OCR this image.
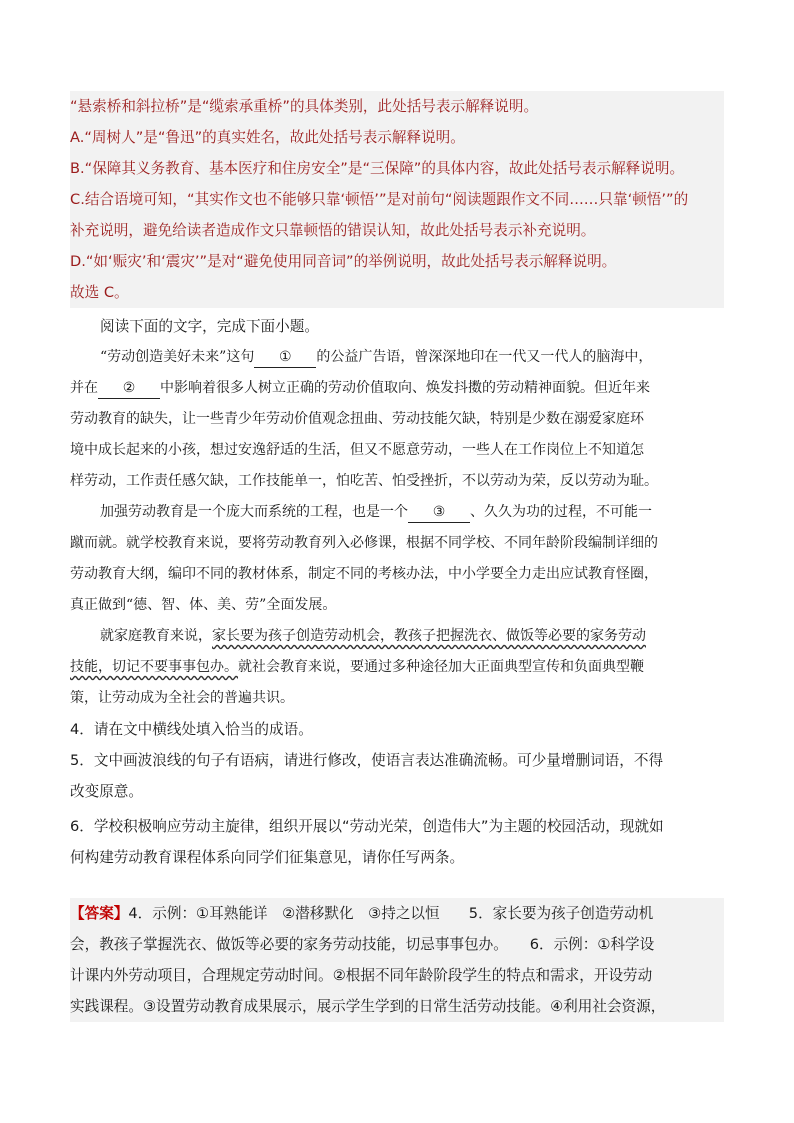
“悬索桥和斜拉桥”是“缆索承重桥”的具体类别，此处括号表示解释说明。
A.“周树人”是“鲁迅”的真实姓名，故此处括号表示解释说明。
B.“保障其义务教育、基本医疗和住房安全”是“三保障”的具体内容，故此处括号表示解释说明。
C.结合语境可知，“其实作文也不能够只靠‘顿悟’”是对前句“阅读题跟作文不同……只靠‘顿悟’”的
补充说明，避免给读者造成作文只靠顿悟的错误认知，故此处括号表示补充说明。
D.“如‘赈灾’和‘震灾’”是对“避免使用同音词”的举例说明，故此处括号表示解释说明。
故选 C。
阅读下面的文字，完成下面小题。
“劳动创造美好未来”这句 ① 的公益广告语，曾深深地印在一代又一代人的脑海中，
并在 ② 中影响着很多人树立正确的劳动价值取向、焕发抖擞的劳动精神面貌。但近年来
劳动教育的缺失，让一些青少年劳动价值观念扭曲、劳动技能欠缺，特别是少数在溺爱家庭环
境中成长起来的小孩，想过安逸舒适的生活，但又不愿意劳动，一些人在工作岗位上不知道怎
样劳动，工作责任感欠缺，工作技能单一，怕吃苦、怕受挫折，不以劳动为荣，反以劳动为耻。
加强劳动教育是一个庞大而系统的工程，也是一个 ③ 、久久为功的过程，不可能一
蹴而就。就学校教育来说，要将劳动教育列入必修课，根据不同学校、不同年龄阶段编制详细的
劳动教育大纲，编印不同的教材体系，制定不同的考核办法，中小学要全力走出应试教育怪圈，
真正做到“德、智、体、美、劳”全面发展。
就家庭教育来说，家长要为孩子创造劳动机会，教孩子把握洗衣、做饭等必要的家务劳动
技能，切记不要事事包办。就社会教育来说，要通过多种途径加大正面典型宣传和负面典型鞭
策，让劳动成为全社会的普遍共识。
4．请在文中横线处填入恰当的成语。
5．文中画波浪线的句子有语病，请进行修改，使语言表达准确流畅。可少量增删词语，不得
改变原意。
6．学校积极响应劳动主旋律，组织开展以“劳动光荣，创造伟大”为主题的校园活动，现就如
何构建劳动教育课程体系向同学们征集意见，请你任写两条。
【答案】4．示例：①耳熟能详　②潜移默化　③持之以恒　　5．家长要为孩子创造劳动机
会，教孩子掌握洗衣、做饭等必要的家务劳动技能，切忌事事包办。　　6．示例：①科学设
计课内外劳动项目，合理规定劳动时间。②根据不同年龄阶段学生的特点和需求，开设劳动
实践课程。③设置劳动教育成果展示，展示学生学到的日常生活劳动技能。④利用社会资源，
